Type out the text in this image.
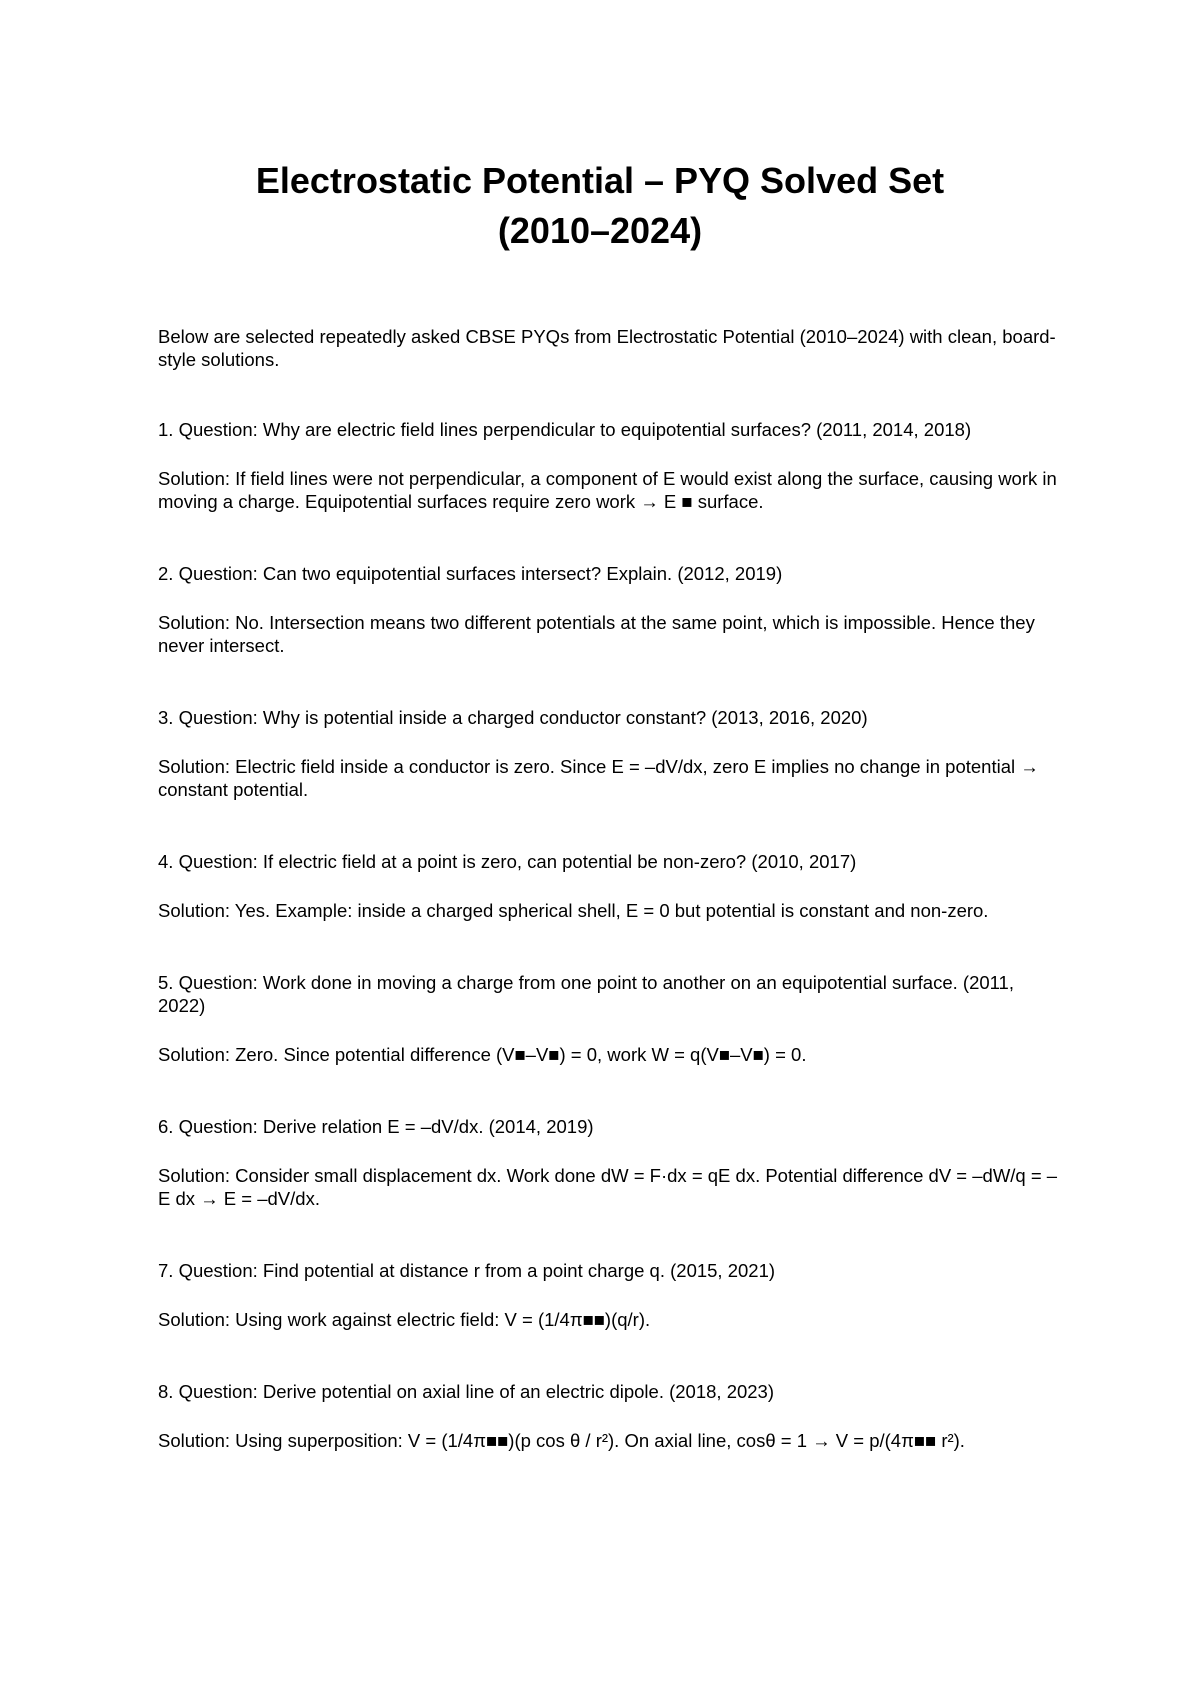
Electrostatic Potential – PYQ Solved Set
(2010–2024)

Below are selected repeatedly asked CBSE PYQs from Electrostatic Potential (2010–2024) with clean, board-style solutions.

1. Question: Why are electric field lines perpendicular to equipotential surfaces? (2011, 2014, 2018)

Solution: If field lines were not perpendicular, a component of E would exist along the surface, causing work in moving a charge. Equipotential surfaces require zero work → E ■ surface.

2. Question: Can two equipotential surfaces intersect? Explain. (2012, 2019)

Solution: No. Intersection means two different potentials at the same point, which is impossible. Hence they never intersect.

3. Question: Why is potential inside a charged conductor constant? (2013, 2016, 2020)

Solution: Electric field inside a conductor is zero. Since E = –dV/dx, zero E implies no change in potential → constant potential.

4. Question: If electric field at a point is zero, can potential be non-zero? (2010, 2017)

Solution: Yes. Example: inside a charged spherical shell, E = 0 but potential is constant and non-zero.

5. Question: Work done in moving a charge from one point to another on an equipotential surface. (2011, 2022)

Solution: Zero. Since potential difference (V■–V■) = 0, work W = q(V■–V■) = 0.

6. Question: Derive relation E = –dV/dx. (2014, 2019)

Solution: Consider small displacement dx. Work done dW = F·dx = qE dx. Potential difference dV = –dW/q = –E dx → E = –dV/dx.

7. Question: Find potential at distance r from a point charge q. (2015, 2021)

Solution: Using work against electric field: V = (1/4π■■)(q/r).

8. Question: Derive potential on axial line of an electric dipole. (2018, 2023)

Solution: Using superposition: V = (1/4π■■)(p cos θ / r²). On axial line, cosθ = 1 → V = p/(4π■■ r²).
